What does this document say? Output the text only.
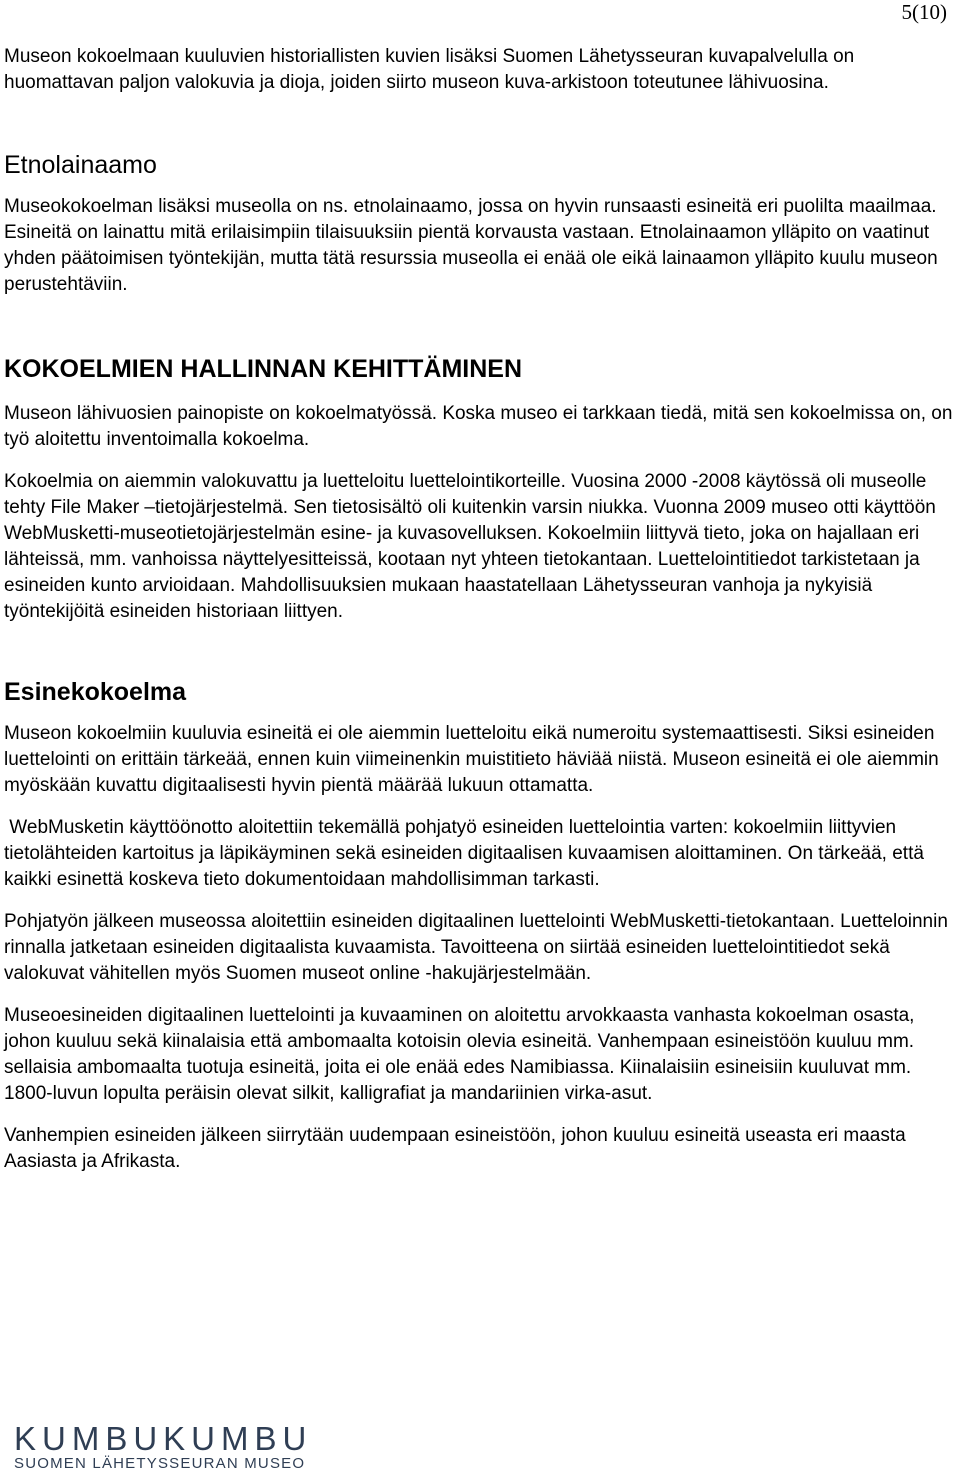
5(10)

Museon kokoelmaan kuuluvien historiallisten kuvien lisäksi Suomen Lähetysseuran kuvapalvelulla on huomattavan paljon valokuvia ja dioja, joiden siirto museon kuva-arkistoon toteutunee lähivuosina.

Etnolainaamo

Museokokoelman lisäksi museolla on ns. etnolainaamo, jossa on hyvin runsaasti esineitä eri puolilta maailmaa. Esineitä on lainattu mitä erilaisimpiin tilaisuuksiin pientä korvausta vastaan. Etnolainaamon ylläpito on vaatinut yhden päätoimisen työntekijän, mutta tätä resurssia museolla ei enää ole eikä lainaamon ylläpito kuulu museon perustehtäviin.

KOKOELMIEN HALLINNAN KEHITTÄMINEN

Museon lähivuosien painopiste on kokoelmatyössä. Koska museo ei tarkkaan tiedä, mitä sen kokoelmissa on, on työ aloitettu inventoimalla kokoelma.

Kokoelmia on aiemmin valokuvattu ja luetteloitu luettelointikorteille. Vuosina 2000 -2008 käytössä oli museolle tehty File Maker –tietojärjestelmä. Sen tietosisältö oli kuitenkin varsin niukka. Vuonna 2009 museo otti käyttöön WebMusketti-museotietojärjestelmän esine- ja kuvasovelluksen. Kokoelmiin liittyvä tieto, joka on hajallaan eri lähteissä, mm. vanhoissa näyttelyesitteissä, kootaan nyt yhteen tietokantaan. Luettelointitiedot tarkistetaan ja esineiden kunto arvioidaan. Mahdollisuuksien mukaan haastatellaan Lähetysseuran vanhoja ja nykyisiä työntekijöitä esineiden historiaan liittyen.

Esinekokoelma

Museon kokoelmiin kuuluvia esineitä ei ole aiemmin luetteloitu eikä numeroitu systemaattisesti. Siksi esineiden luettelointi on erittäin tärkeää, ennen kuin viimeinenkin muistitieto häviää niistä. Museon esineitä ei ole aiemmin myöskään kuvattu digitaalisesti hyvin pientä määrää lukuun ottamatta.

WebMusketin käyttöönotto aloitettiin tekemällä pohjatyö esineiden luettelointia varten: kokoelmiin liittyvien tietolähteiden kartoitus ja läpikäyminen sekä esineiden digitaalisen kuvaamisen aloittaminen. On tärkeää, että kaikki esinettä koskeva tieto dokumentoidaan mahdollisimman tarkasti.

Pohjatyön jälkeen museossa aloitettiin esineiden digitaalinen luettelointi WebMusketti-tietokantaan. Luetteloinnin rinnalla jatketaan esineiden digitaalista kuvaamista. Tavoitteena on siirtää esineiden luettelointitiedot sekä valokuvat vähitellen myös Suomen museot online -hakujärjestelmään.

Museoesineiden digitaalinen luettelointi ja kuvaaminen on aloitettu arvokkaasta vanhasta kokoelman osasta, johon kuuluu sekä kiinalaisia että ambomaalta kotoisin olevia esineitä. Vanhempaan esineistöön kuuluu mm. sellaisia ambomaalta tuotuja esineitä, joita ei ole enää edes Namibiassa. Kiinalaisiin esineisiin kuuluvat mm. 1800-luvun lopulta peräisin olevat silkit, kalligrafiat ja mandariinien virka-asut.

Vanhempien esineiden jälkeen siirrytään uudempaan esineistöön, johon kuuluu esineitä useasta eri maasta Aasiasta ja Afrikasta.

KUMBUKUMBU
SUOMEN LÄHETYSSEURAN MUSEO
